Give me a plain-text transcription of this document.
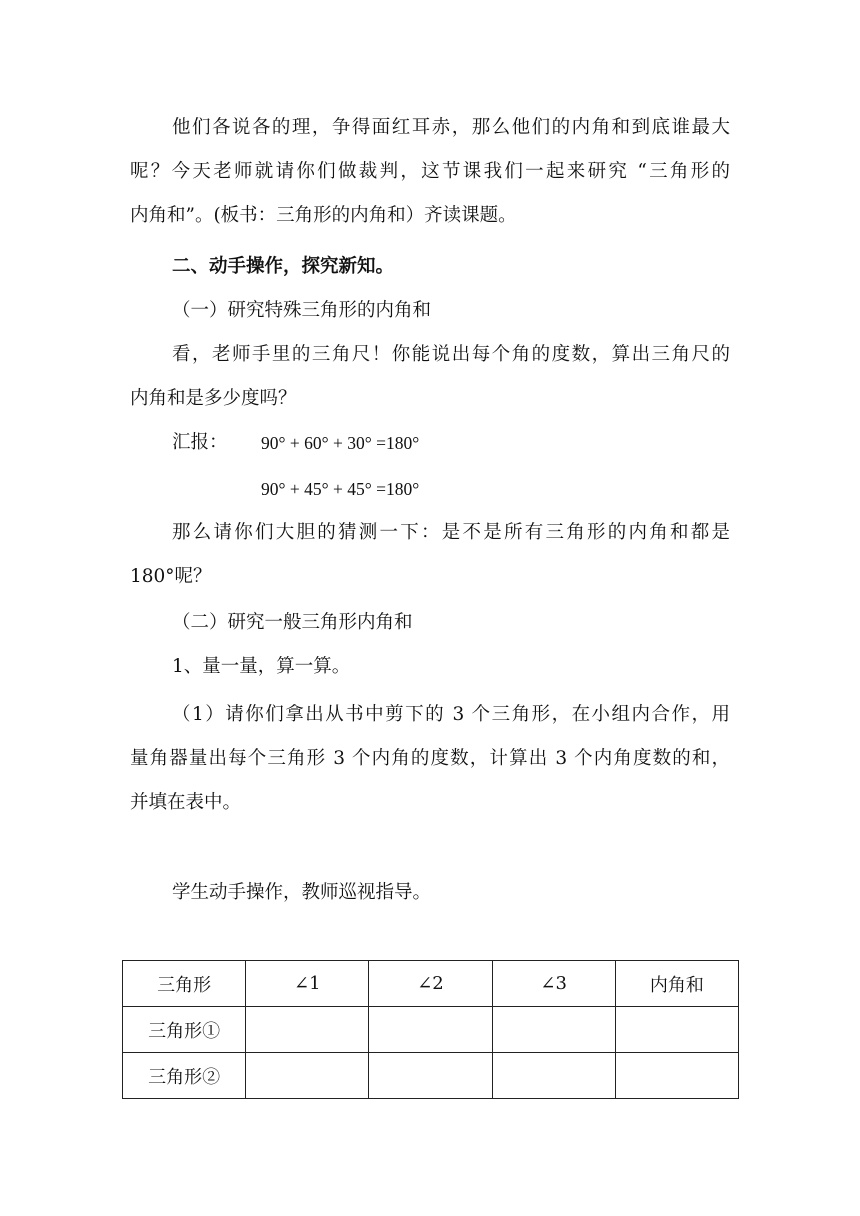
他们各说各的理，争得面红耳赤，那么他们的内角和到底谁最大
呢？今天老师就请你们做裁判，这节课我们一起来研究 “三角形的
内角和”。(板书：三角形的内角和）齐读课题。
二、动手操作，探究新知。
（一）研究特殊三角形的内角和
看，老师手里的三角尺！你能说出每个角的度数，算出三角尺的
内角和是多少度吗？
汇报：	90° + 60° + 30° =180°
90° + 45° + 45° =180°
那么请你们大胆的猜测一下：是不是所有三角形的内角和都是
180°呢？
（二）研究一般三角形内角和
1、量一量，算一算。
（1）请你们拿出从书中剪下的 3 个三角形，在小组内合作，用
量角器量出每个三角形 3 个内角的度数，计算出 3 个内角度数的和，
并填在表中。
学生动手操作，教师巡视指导。
三角形	∠1	∠2	∠3	内角和
三角形①				
三角形②				
